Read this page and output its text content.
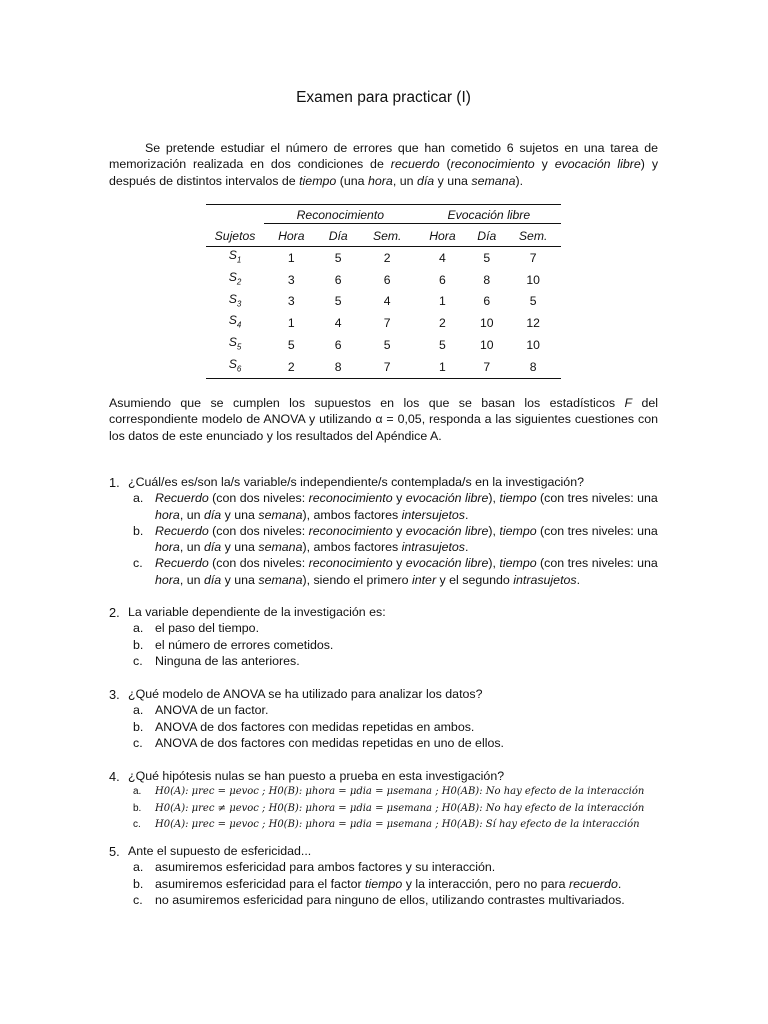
Examen para practicar (I)
Se pretende estudiar el número de errores que han cometido 6 sujetos en una tarea de memorización realizada en dos condiciones de recuerdo (reconocimiento y evocación libre) y después de distintos intervalos de tiempo (una hora, un día y una semana).
	Reconocimiento			Evocación libre		
Sujetos	Hora	Día	Sem.	Hora	Día	Sem.
$S_1$	1	5	2	4	5	7
$S_2$	3	6	6	6	8	10
$S_3$	3	5	4	1	6	5
$S_4$	1	4	7	2	10	12
$S_5$	5	6	5	5	10	10
$S_6$	2	8	7	1	7	8
Asumiendo que se cumplen los supuestos en los que se basan los estadísticos F del correspondiente modelo de ANOVA y utilizando α = 0,05, responda a las siguientes cuestiones con los datos de este enunciado y los resultados del Apéndice A.
1. ¿Cuál/es es/son la/s variable/s independiente/s contemplada/s en la investigación?
a. Recuerdo (con dos niveles: reconocimiento y evocación libre), tiempo (con tres niveles: una hora, un día y una semana), ambos factores intersujetos.
b. Recuerdo (con dos niveles: reconocimiento y evocación libre), tiempo (con tres niveles: una hora, un día y una semana), ambos factores intrasujetos.
c. Recuerdo (con dos niveles: reconocimiento y evocación libre), tiempo (con tres niveles: una hora, un día y una semana), siendo el primero inter y el segundo intrasujetos.
2. La variable dependiente de la investigación es:
a. el paso del tiempo.
b. el número de errores cometidos.
c. Ninguna de las anteriores.
3. ¿Qué modelo de ANOVA se ha utilizado para analizar los datos?
a. ANOVA de un factor.
b. ANOVA de dos factores con medidas repetidas en ambos.
c. ANOVA de dos factores con medidas repetidas en uno de ellos.
4. ¿Qué hipótesis nulas se han puesto a prueba en esta investigación?
a. H0(A): μrec = μevoc ; H0(B): μhora = μdia = μsemana ; H0(AB): No hay efecto de la interacción
b. H0(A): μrec ≠ μevoc ; H0(B): μhora = μdia = μsemana ; H0(AB): No hay efecto de la interacción
c. H0(A): μrec = μevoc ; H0(B): μhora = μdia = μsemana ; H0(AB): Sí hay efecto de la interacción
5. Ante el supuesto de esfericidad...
a. asumiremos esfericidad para ambos factores y su interacción.
b. asumiremos esfericidad para el factor tiempo y la interacción, pero no para recuerdo.
c. no asumiremos esfericidad para ninguno de ellos, utilizando contrastes multivariados.
